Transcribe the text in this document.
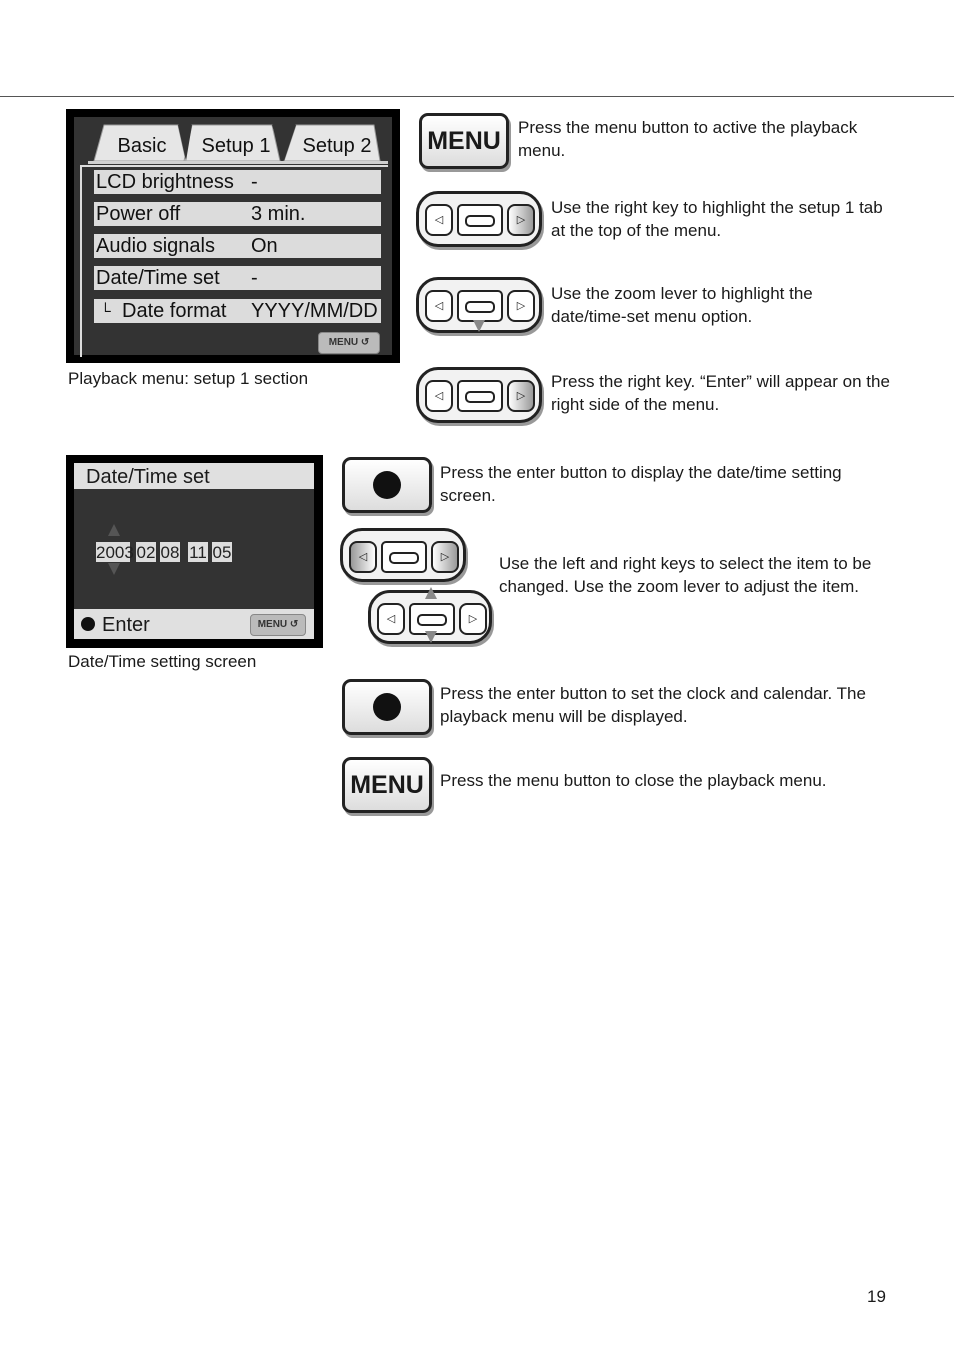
Basic	Setup 1	Setup 2
LCD brightness -
Power off	3 min.
Audio signals On
Date/Time set -
└ Date format YYYY/MM/DD
MENU ↺
Playback menu: setup 1 section
Date/Time set
2003 02 08 11 05
Enter	MENU ↺
Date/Time setting screen
MENU	Press the menu button to active the playback menu.
◁	▷
Use the right key to highlight the setup 1 tab at the top of the menu.
◁	▷
Use the zoom lever to highlight the date/time-set menu option.
◁	▷
Press the right key. “Enter” will appear on the right side of the menu.
Press the enter button to display the date/time setting screen.
◁	▷
◁	▷
Use the left and right keys to select the item to be changed. Use the zoom lever to adjust the item.
Press the enter button to set the clock and calendar. The playback menu will be displayed.
MENU Press the menu button to close the playback menu.
19
